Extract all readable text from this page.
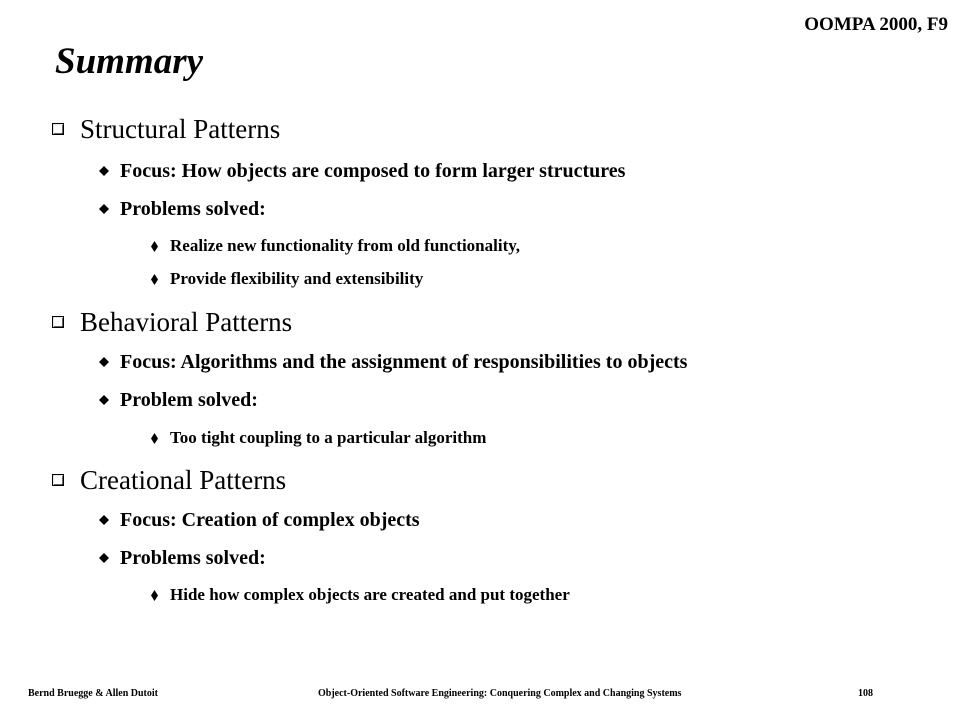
OOMPA 2000, F9
Summary
Structural Patterns
Focus: How objects are composed to form larger structures
Problems solved:
Realize new functionality from old functionality,
Provide flexibility and extensibility
Behavioral Patterns
Focus: Algorithms and the assignment of responsibilities to objects
Problem solved:
Too tight coupling to a particular algorithm
Creational Patterns
Focus: Creation of complex objects
Problems solved:
Hide how complex objects are created and put together
Bernd Bruegge & Allen Dutoit	Object-Oriented Software Engineering: Conquering Complex and Changing Systems	108
